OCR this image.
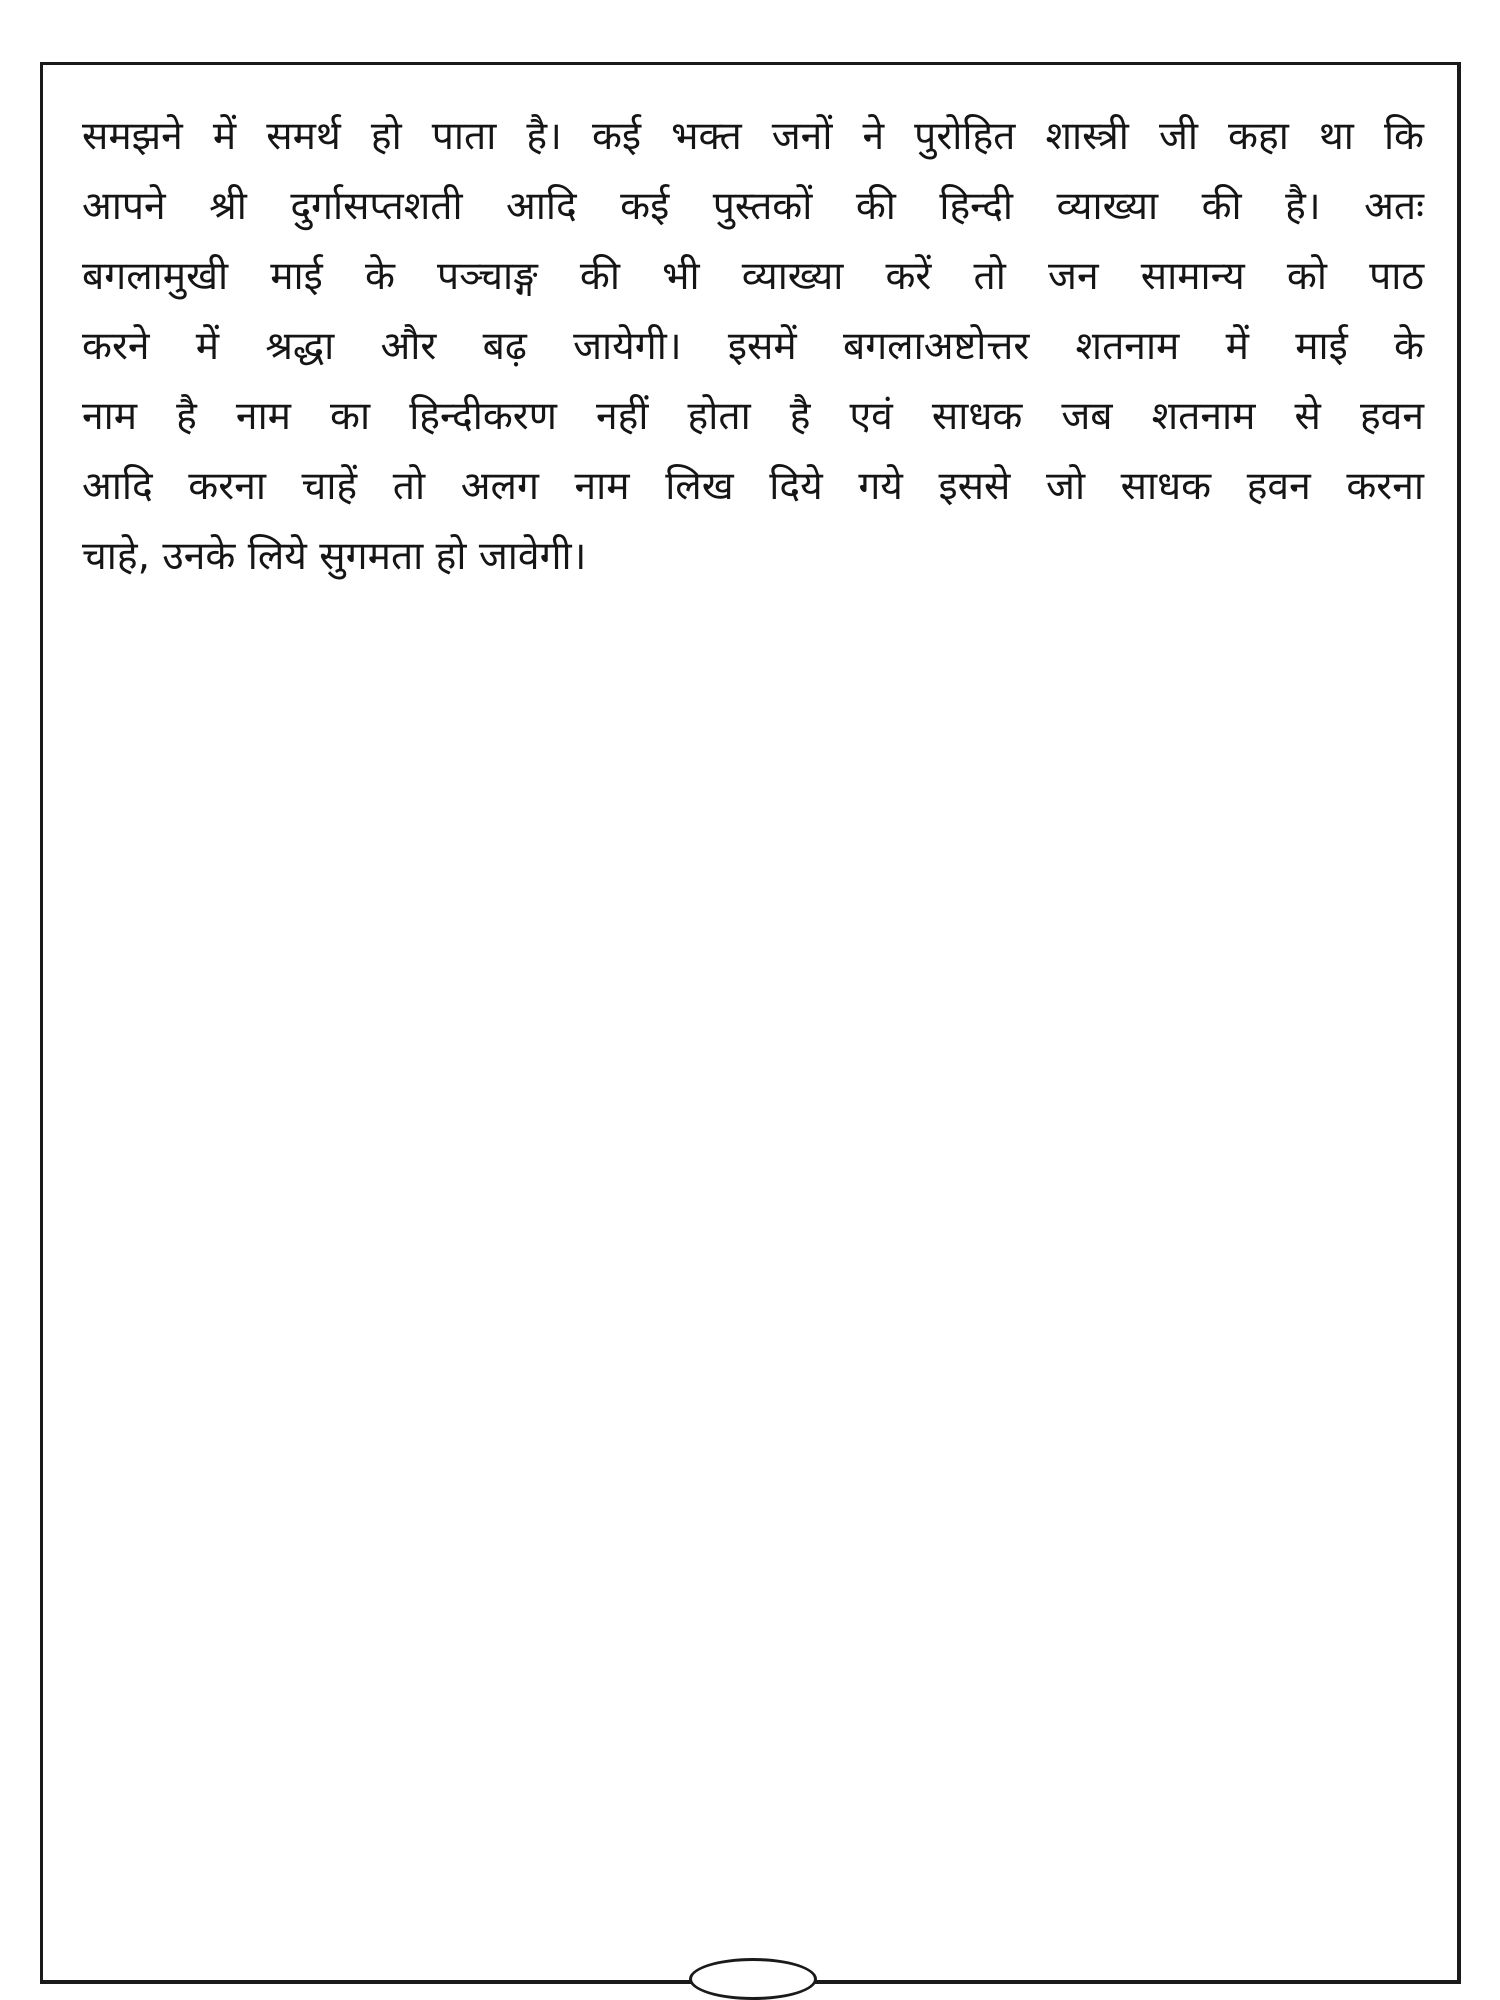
समझने में समर्थ हो पाता है। कई भक्त जनों ने पुरोहित शास्त्री जी कहा था कि
आपने श्री दुर्गासप्तशती आदि कई पुस्तकों की हिन्दी व्याख्या की है। अतः
बगलामुखी माई के पञ्चाङ्ग की भी व्याख्या करें तो जन सामान्य को पाठ
करने में श्रद्धा और बढ़ जायेगी। इसमें बगलाअष्टोत्तर शतनाम में माई के
नाम है नाम का हिन्दीकरण नहीं होता है एवं साधक जब शतनाम से हवन
आदि करना चाहें तो अलग नाम लिख दिये गये इससे जो साधक हवन करना
चाहे, उनके लिये सुगमता हो जावेगी।
